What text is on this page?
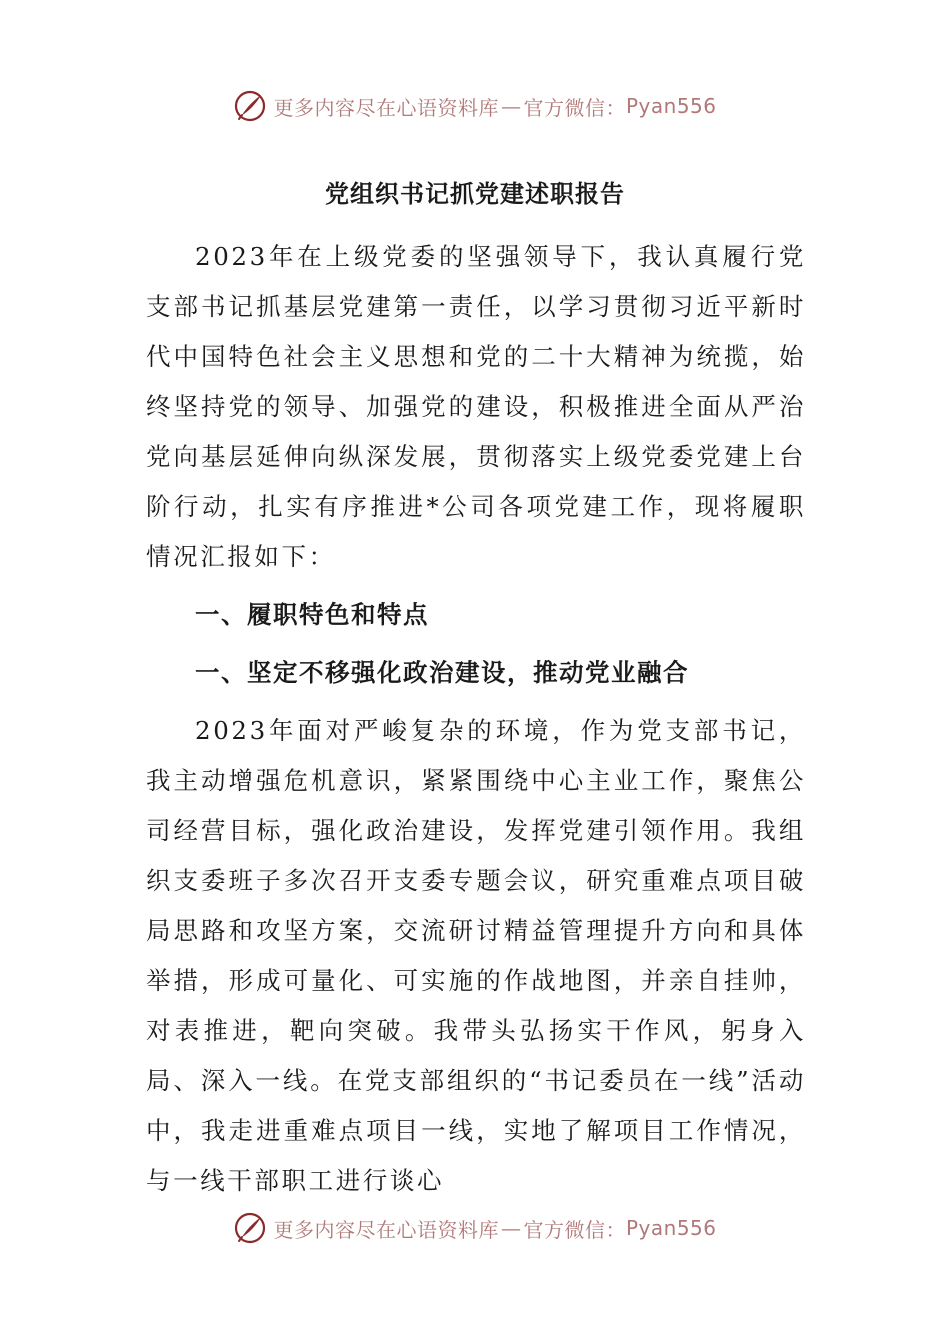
更多内容尽在心语资料库 — 官方微信： Pyan556
党组织书记抓党建述职报告

2023年在上级党委的坚强领导下，我认真履行党支部书记抓基层党建第一责任，以学习贯彻习近平新时代中国特色社会主义思想和党的二十大精神为统揽，始终坚持党的领导、加强党的建设，积极推进全面从严治党向基层延伸向纵深发展，贯彻落实上级党委党建上台阶行动，扎实有序推进*公司各项党建工作，现将履职情况汇报如下：

一、履职特色和特点

一、坚定不移强化政治建设，推动党业融合

2023年面对严峻复杂的环境，作为党支部书记，我主动增强危机意识，紧紧围绕中心主业工作，聚焦公司经营目标，强化政治建设，发挥党建引领作用。我组织支委班子多次召开支委专题会议，研究重难点项目破局思路和攻坚方案，交流研讨精益管理提升方向和具体举措，形成可量化、可实施的作战地图，并亲自挂帅，对表推进，靶向突破。我带头弘扬实干作风，躬身入局、深入一线。在党支部组织的“书记委员在一线”活动中，我走进重难点项目一线，实地了解项目工作情况，与一线干部职工进行谈心

更多内容尽在心语资料库 — 官方微信： Pyan556
